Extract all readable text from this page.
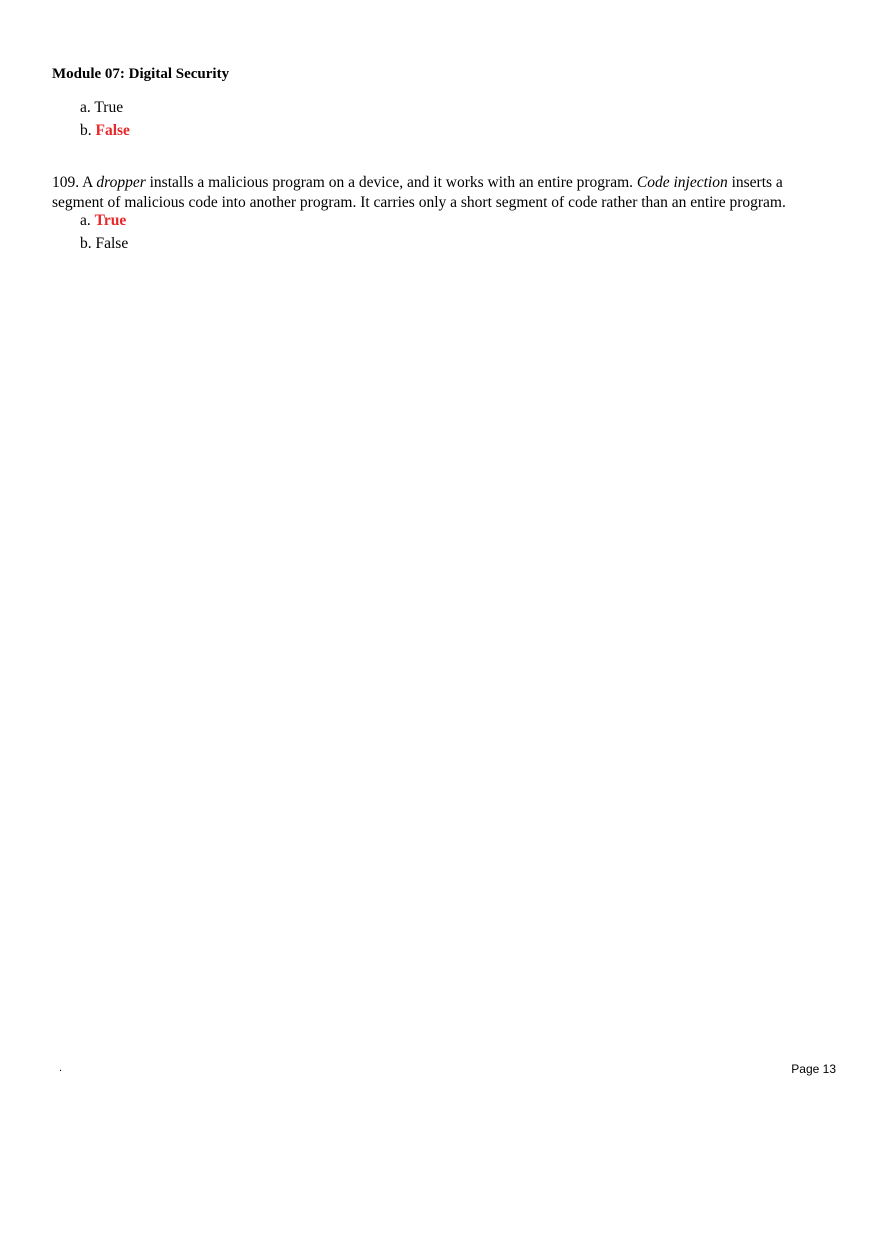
Module 07: Digital Security
a. True
b. False

109. A dropper installs a malicious program on a device, and it works with an entire program. Code injection inserts a segment of malicious code into another program. It carries only a short segment of code rather than an entire program.

a. True
b. False
.	Page 13
